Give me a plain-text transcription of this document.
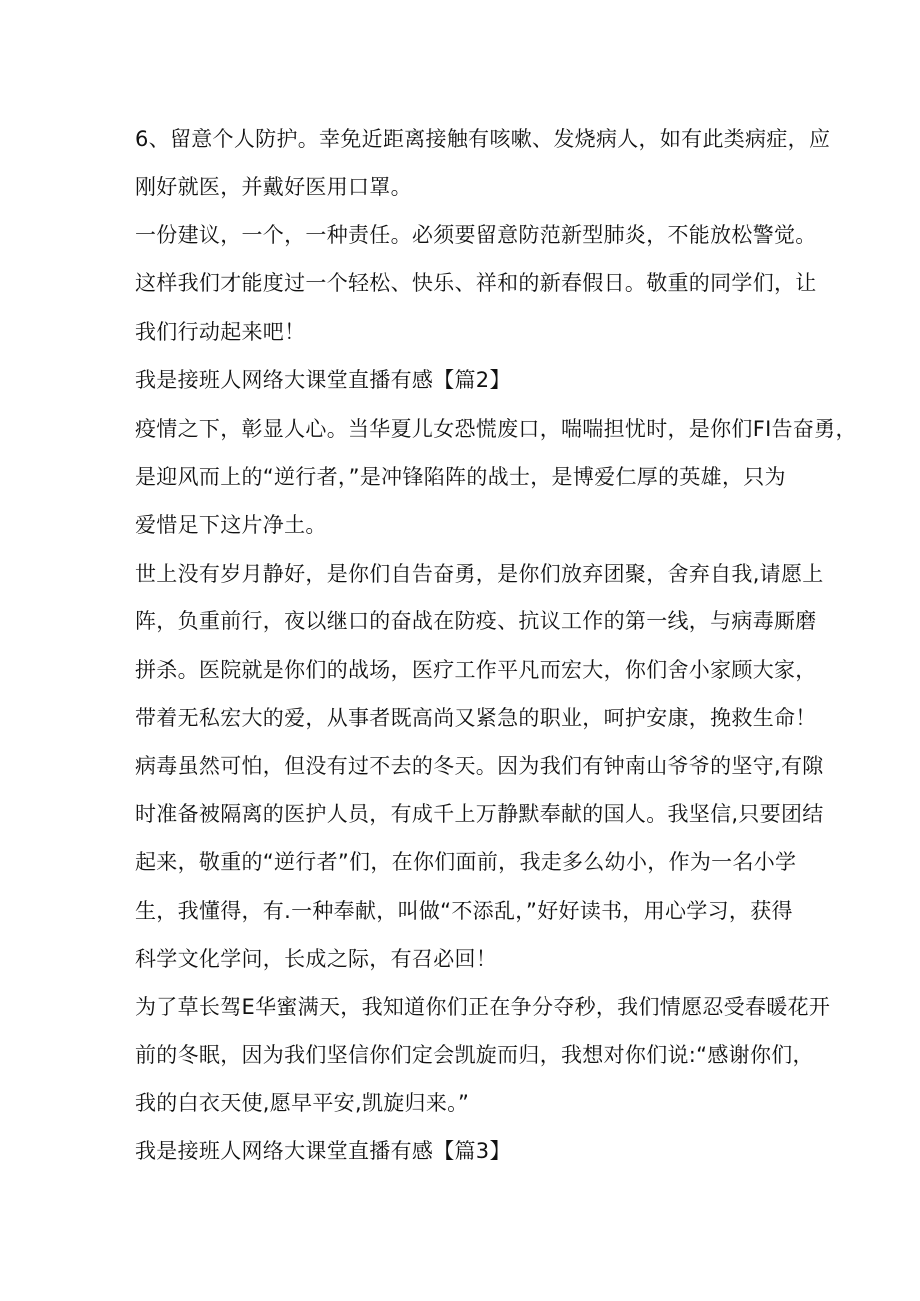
6、留意个人防护。幸免近距离接触有咳嗽、发烧病人，如有此类病症，应
刚好就医，并戴好医用口罩。
一份建议，一个，一种责任。必须要留意防范新型肺炎，不能放松警觉。
这样我们才能度过一个轻松、快乐、祥和的新春假日。敬重的同学们，让
我们行动起来吧！
我是接班人网络大课堂直播有感【篇2】
疫情之下，彰显人心。当华夏儿女恐慌废口，喘喘担忧时，是你们FI告奋勇，
是迎风而上的“逆行者，”是冲锋陷阵的战士，是博爱仁厚的英雄，只为
爱惜足下这片净土。
世上没有岁月静好，是你们自告奋勇，是你们放弃团聚，舍弃自我,请愿上
阵，负重前行，夜以继口的奋战在防疫、抗议工作的第一线，与病毒厮磨
拼杀。医院就是你们的战场，医疗工作平凡而宏大，你们舍小家顾大家，
带着无私宏大的爱，从事者既高尚又紧急的职业，呵护安康，挽救生命！
病毒虽然可怕，但没有过不去的冬天。因为我们有钟南山爷爷的坚守,有隙
时准备被隔离的医护人员，有成千上万静默奉献的国人。我坚信,只要团结
起来，敬重的“逆行者”们，在你们面前，我走多么幼小，作为一名小学
生，我懂得，有.一种奉献，叫做“不添乱，”好好读书，用心学习，获得
科学文化学问，长成之际，有召必回！
为了草长驾E华蜜满天，我知道你们正在争分夺秒，我们情愿忍受春暖花开
前的冬眠，因为我们坚信你们定会凯旋而归，我想对你们说:“感谢你们，
我的白衣天使,愿早平安,凯旋归来。”
我是接班人网络大课堂直播有感【篇3】
